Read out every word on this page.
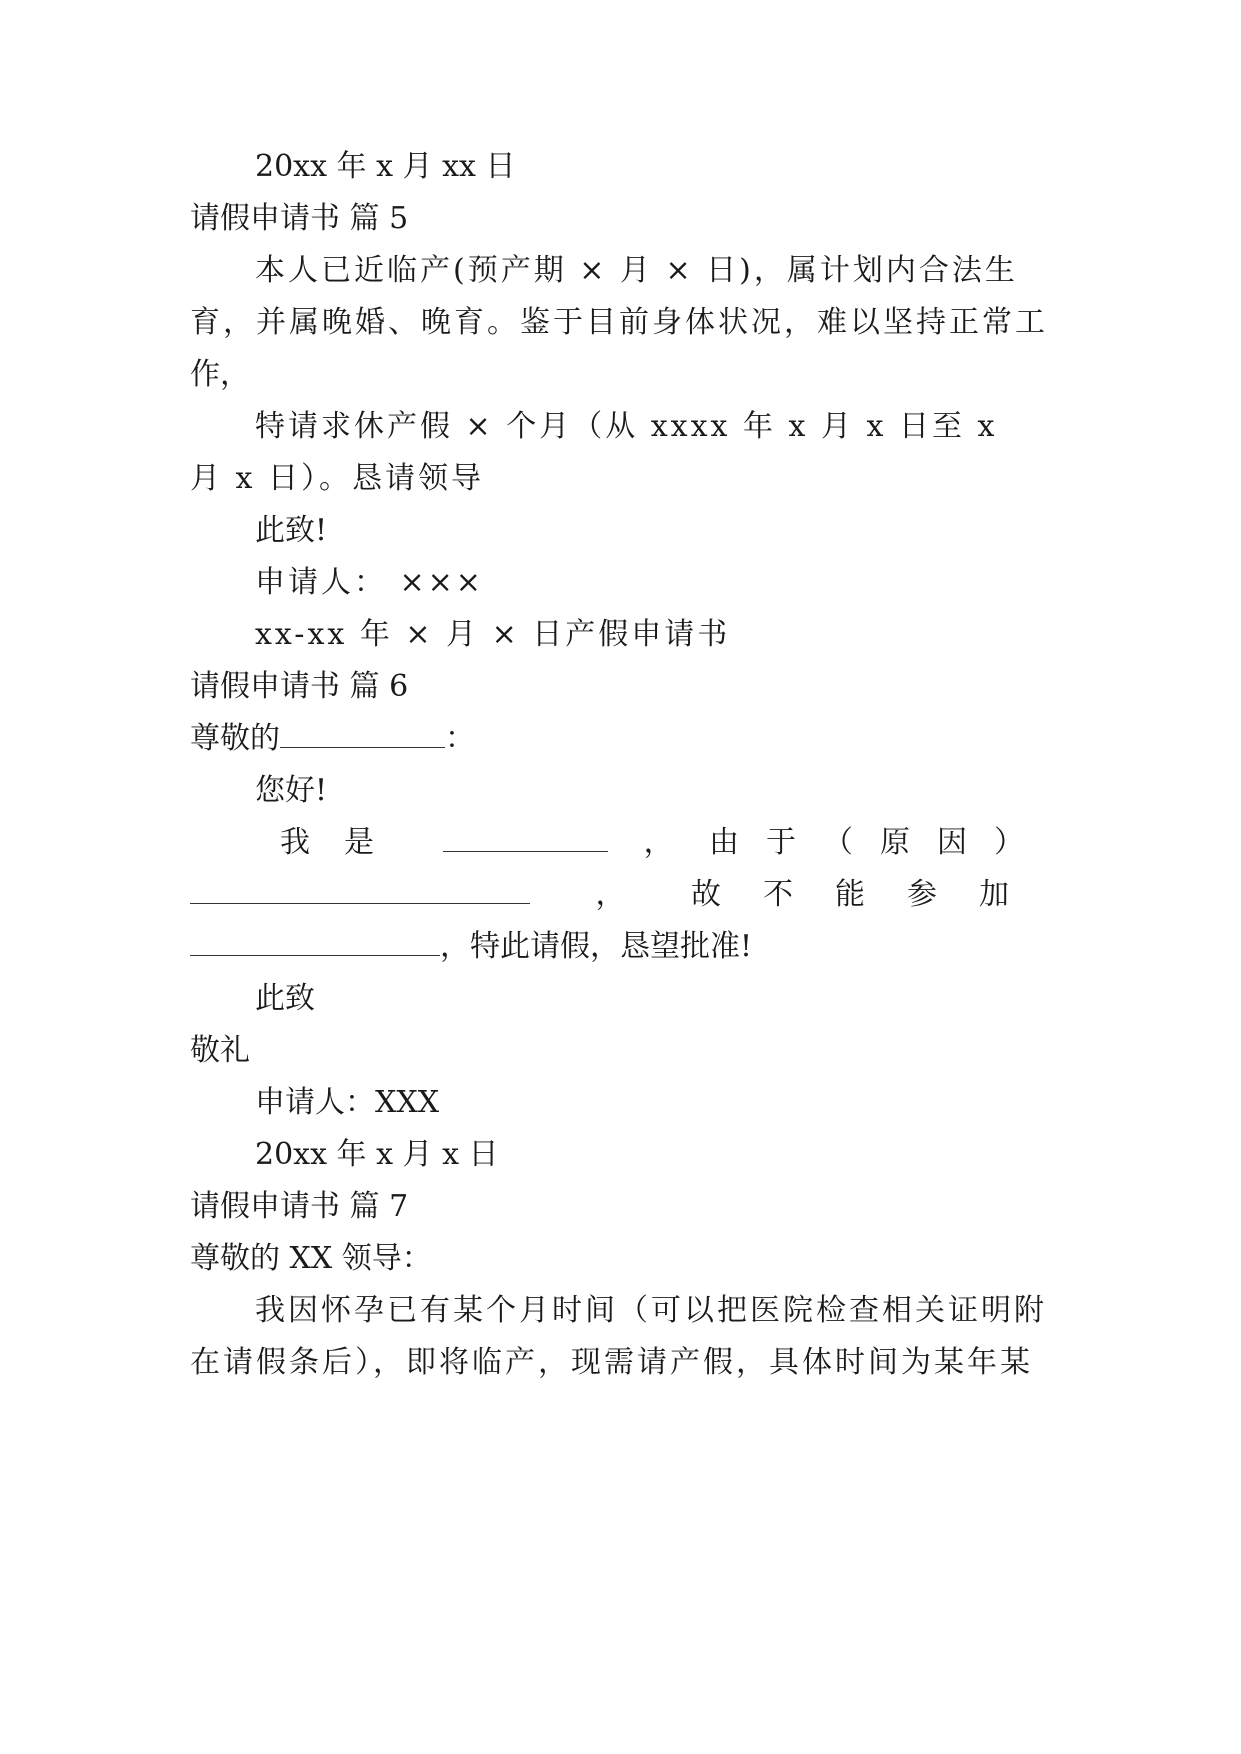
20xx 年 x 月 xx 日
请假申请书 篇 5
本人已近临产(预产期 × 月 × 日)，属计划内合法生
育，并属晚婚、晚育。鉴于目前身体状况，难以坚持正常工
作，
特请求休产假 × 个月（从 xxxx 年 x 月 x 日至 x
月 x 日）。恳请领导
此致!
申请人： ×××
xx-xx 年 × 月 × 日产假申请书
请假申请书 篇 6
尊敬的	：
您好!
我是	， 由于（原因）
， 故不能参加
，特此请假，恳望批准!
此致
敬礼
申请人：XXX
20xx 年 x 月 x 日
请假申请书 篇 7
尊敬的 XX 领导：
我因怀孕已有某个月时间（可以把医院检查相关证明附
在请假条后），即将临产，现需请产假，具体时间为某年某
